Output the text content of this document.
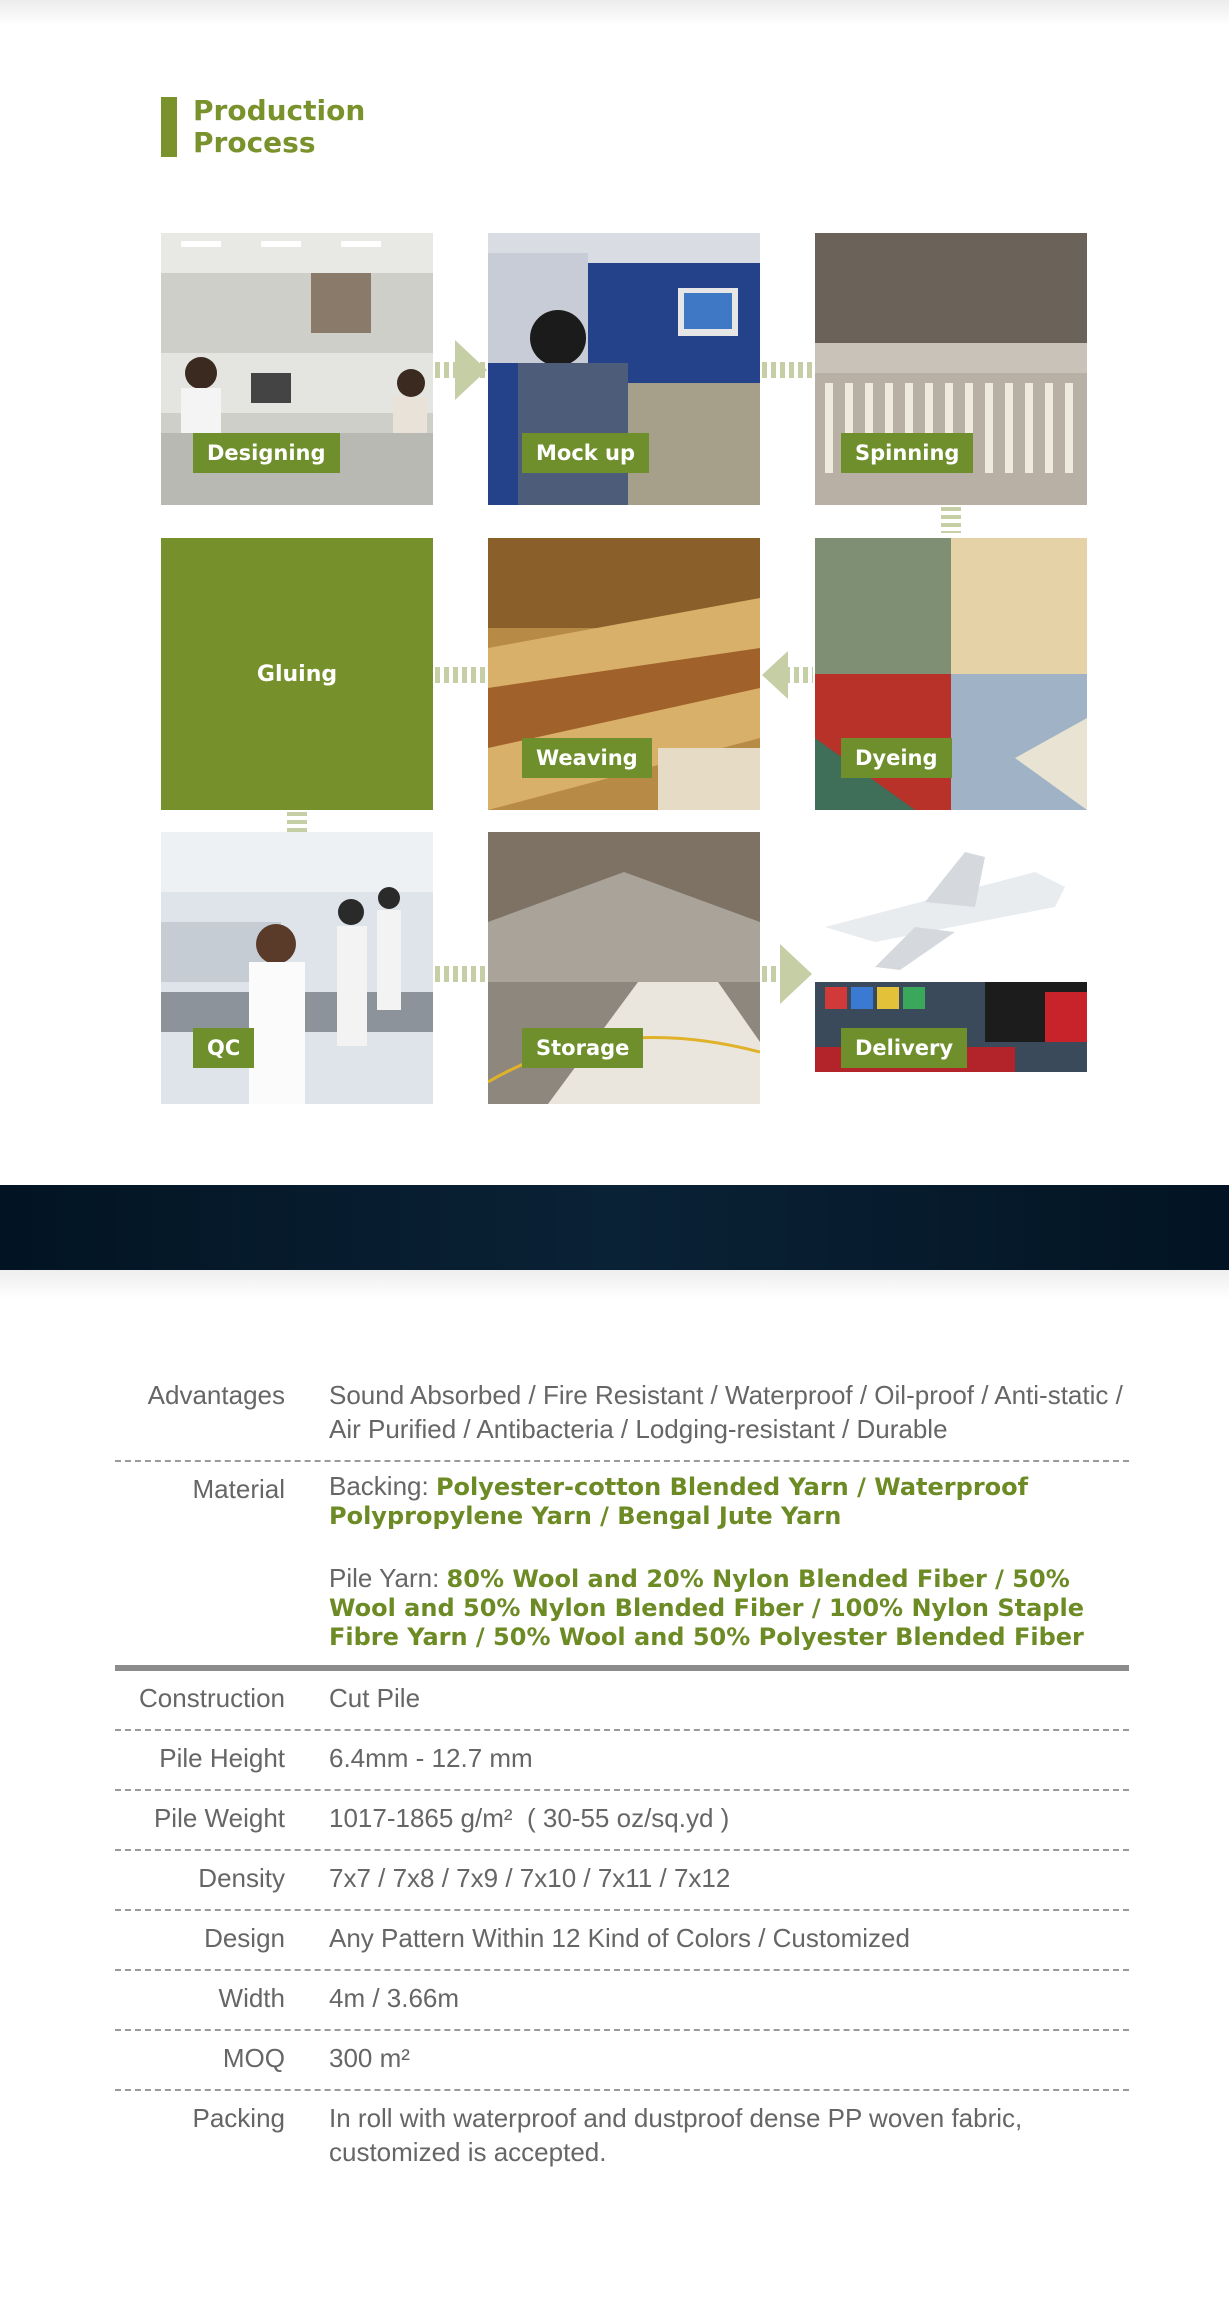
Production
Process
Designing	Mock up	Spinning
Gluing
Weaving	Dyeing
QC	Storage	Delivery
Advantages Sound Absorbed / Fire Resistant / Waterproof / Oil-proof / Anti-static / Air Purified / Antibacteria / Lodging-resistant / Durable
Material Backing: Polyester-cotton Blended Yarn / Waterproof Polypropylene Yarn / Bengal Jute Yarn

Pile Yarn: 80% Wool and 20% Nylon Blended Fiber / 50% Wool and 50% Nylon Blended Fiber / 100% Nylon Staple Fibre Yarn / 50% Wool and 50% Polyester Blended Fiber

Construction Cut Pile
Pile Height 6.4mm - 12.7 mm
Pile Weight 1017-1865 g/m²  ( 30-55 oz/sq.yd )
Density 7x7 / 7x8 / 7x9 / 7x10 / 7x11 / 7x12
Design Any Pattern Within 12 Kind of Colors / Customized
Width 4m / 3.66m
MOQ 300 m²
Packing In roll with waterproof and dustproof dense PP woven fabric, customized is accepted.
